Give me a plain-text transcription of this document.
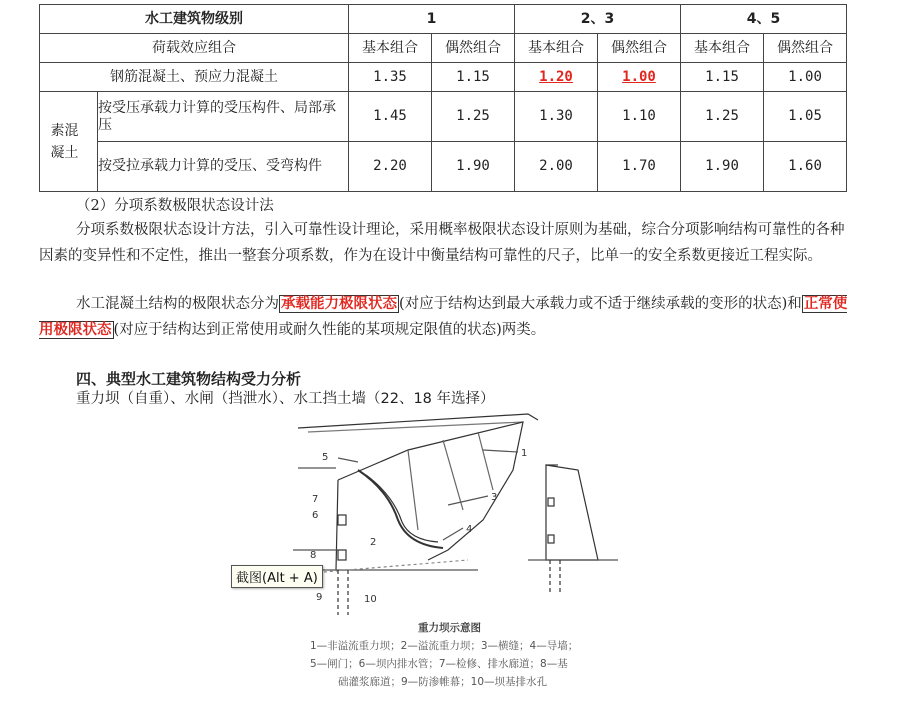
水工建筑物级别		1		2、3		4、5	
荷载效应组合		基本组合	偶然组合	基本组合	偶然组合	基本组合	偶然组合
钢筋混凝土、预应力混凝土		1.35	1.15	1.20	1.00	1.15	1.00
素混凝土	按受压承载力计算的受压构件、局部承压	1.45	1.25	1.30	1.10	1.25	1.05
	按受拉承载力计算的受压、受弯构件	2.20	1.90	2.00	1.70	1.90	1.60
（2）分项系数极限状态设计法
分项系数极限状态设计方法，引入可靠性设计理论，采用概率极限状态设计原则为基础，综合分项影响结构可靠性的各种因素的变异性和不定性，推出一整套分项系数，作为在设计中衡量结构可靠性的尺子，比单一的安全系数更接近工程实际。
水工混凝土结构的极限状态分为 承载能力极限状态 (对应于结构达到最大承载力或不适于继续承载的变形的状态)和 正常使用极限状态 (对应于结构达到正常使用或耐久性能的某项规定限值的状态)两类。
四、典型水工建筑物结构受力分析
重力坝（自重）、水闸（挡泄水）、水工挡土墙（22、18 年选择）
1
2
3
4
5
6
7
8
9	10
重力坝示意图
1—非溢流重力坝；2—溢流重力坝；3—横缝；4—导墙；
5—闸门；6—坝内排水管；7—检修、排水廊道；8—基
础灌浆廊道；9—防渗帷幕；10—坝基排水孔
截图(Alt + A)
